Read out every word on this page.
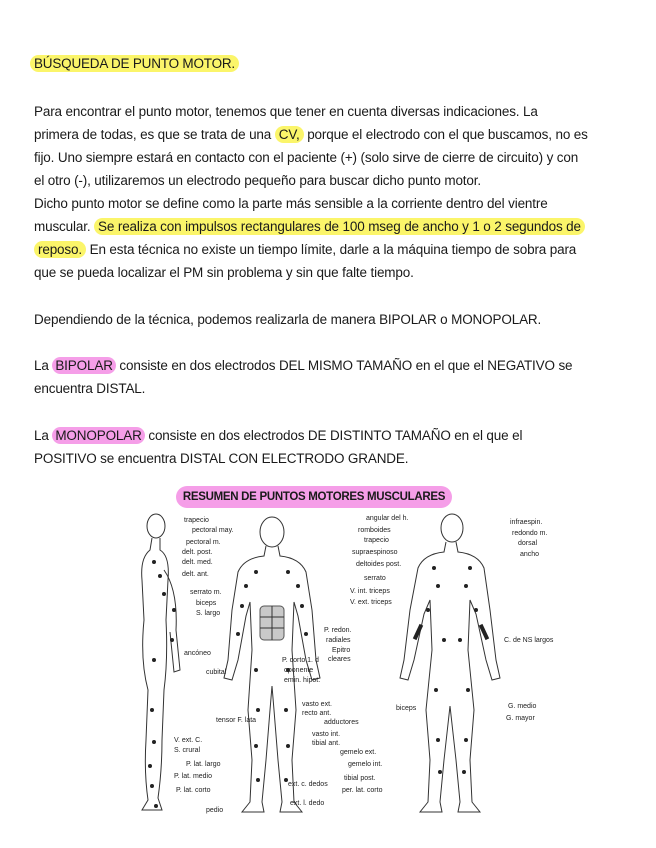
BÚSQUEDA DE PUNTO MOTOR.
Para encontrar el punto motor, tenemos que tener en cuenta diversas indicaciones. La
primera de todas, es que se trata de una CV, porque el electrodo con el que buscamos, no es
fijo. Uno siempre estará en contacto con el paciente (+) (solo sirve de cierre de circuito) y con
el otro (-), utilizaremos un electrodo pequeño para buscar dicho punto motor.
Dicho punto motor se define como la parte más sensible a la corriente dentro del vientre
muscular. Se realiza con impulsos rectangulares de 100 mseg de ancho y 1 o 2 segundos de
reposo. En esta técnica no existe un tiempo límite, darle a la máquina tiempo de sobra para
que se pueda localizar el PM sin problema y sin que falte tiempo.
Dependiendo de la técnica, podemos realizarla de manera BIPOLAR o MONOPOLAR.
La BIPOLAR consiste en dos electrodos DEL MISMO TAMAÑO en el que el NEGATIVO se
encuentra DISTAL.
La MONOPOLAR consiste en dos electrodos DE DISTINTO TAMAÑO en el que el
POSITIVO se encuentra DISTAL CON ELECTRODO GRANDE.
RESUMEN DE PUNTOS MOTORES MUSCULARES
trapecio
pectoral may.
pectoral m.
delt. post.
delt. med.
delt. ant.
serrato m.
biceps
S. largo
ancóneo
cubital
tensor F. lata
V. ext. C.
S. crural
P. lat. largo
P. lat. medio
P. lat. corto
pedio
angular del h.
romboides
trapecio
supraespinoso
deltoides post.
serrato
V. int. triceps
V. ext. triceps
P. redon.
radiales
Epitro
cleares
P. corto 1. d
oponente
emin. hipot.
vasto ext.
recto ant.
adductores
vasto int.
tibial ant.
ext. c. dedos
ext. l. dedo
infraespin.
redondo m.
dorsal
ancho
C. de NS largos
biceps	G. medio
G. mayor
gemelo ext.
gemelo int.
tibial post.
per. lat. corto
